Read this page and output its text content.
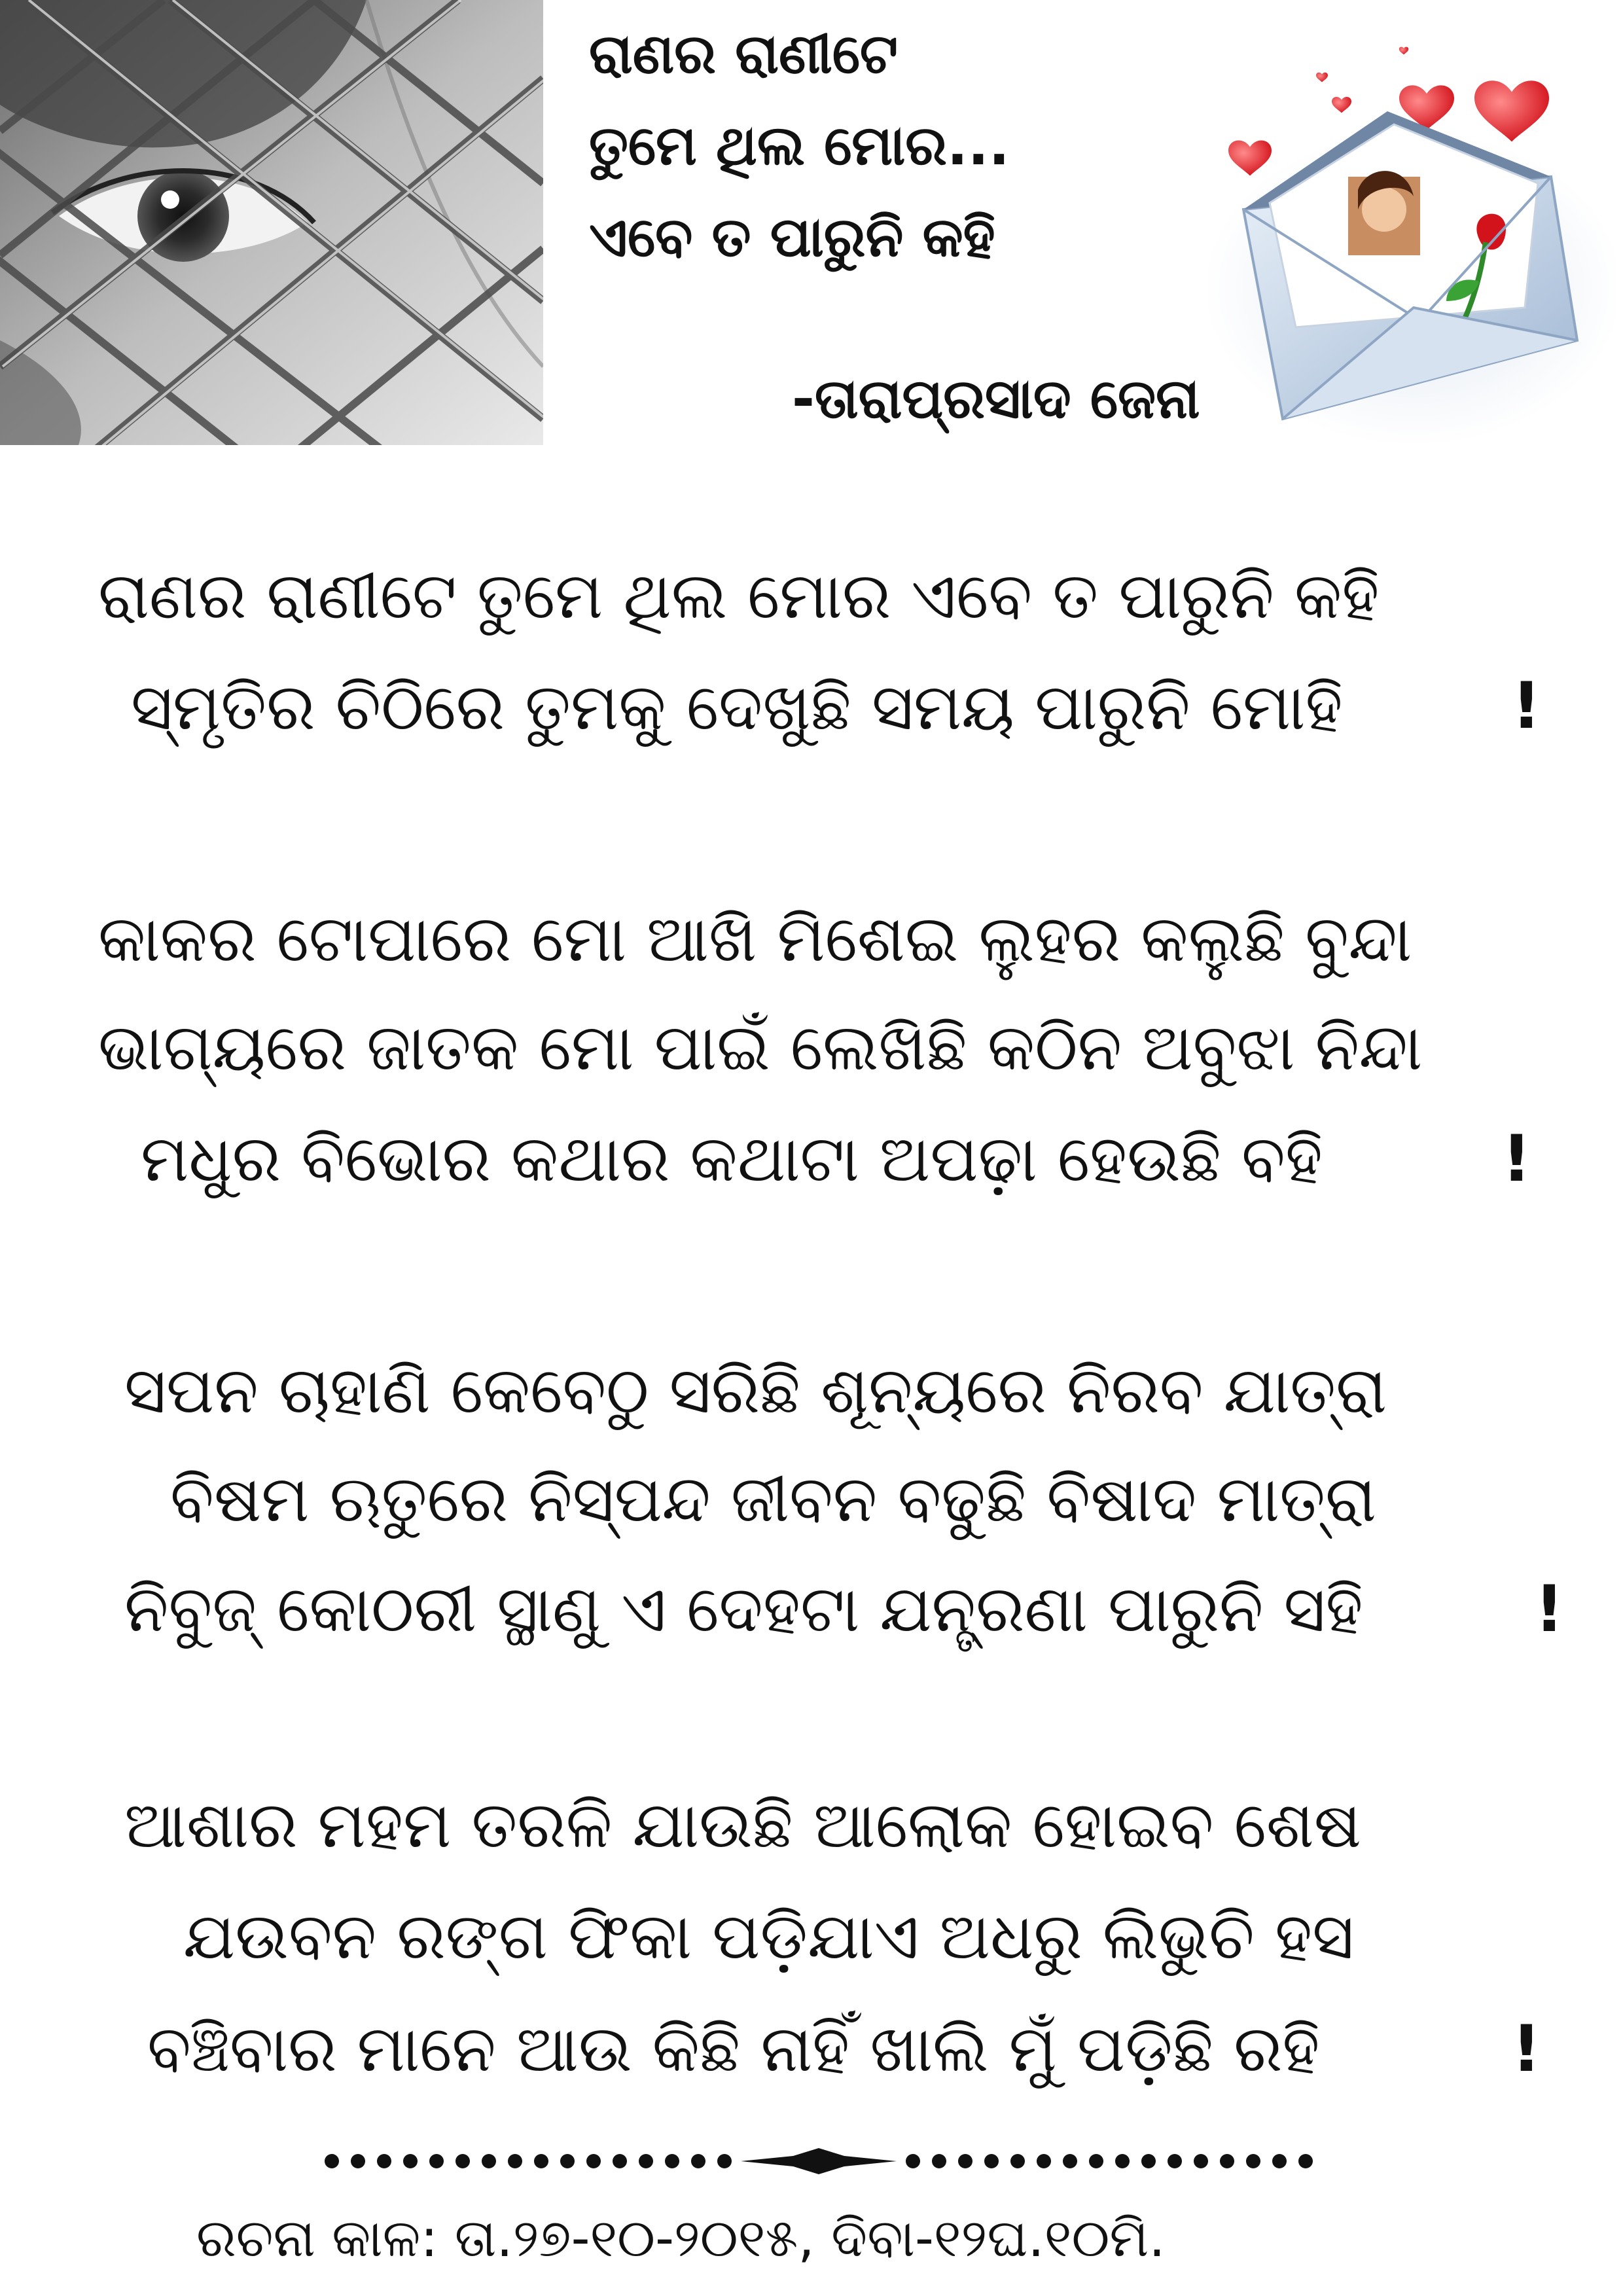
ରାଣର ରାଣୀଟେ
ତୁମେ ଥିଲ ମୋର...
ଏବେ ତ ପାରୁନି କହି
-ତାରାପ୍ରସାଦ ଜେନା
ରାଣର ରାଣୀଟେ ତୁମେ ଥିଲ ମୋର ଏବେ ତ ପାରୁନି କହି
ସ୍ମୃତିର ଚିଠିରେ ତୁମକୁ ଦେଖୁଛି ସମୟ ପାରୁନି ମୋହି	!
କାକର ଟୋପାରେ ମୋ ଆଖି ମିଶେଇ ଲୁହର କଲୁଛି ବୁନ୍ଦା
ଭାଗ୍ୟରେ ଜାତକ ମୋ ପାଇଁ ଲେଖିଛି କଠିନ ଅବୁଝା ନିନ୍ଦା
ମଧୁର ବିଭୋର କଥାର କଥାଟା ଅପଢ଼ା ହେଉଛି ବହି	!
ସପନ ଚାହାଣି କେବେଠୁ ସରିଛି ଶୂନ୍ୟରେ ନିରବ ଯାତ୍ରା
ବିଷମ ଋତୁରେ ନିସ୍ପନ୍ଦ ଜୀବନ ବଢୁଛି ବିଷାଦ ମାତ୍ରା
ନିବୁଜ୍ କୋଠରୀ ସ୍ଥାଣୁ ଏ ଦେହଟା ଯନ୍ତ୍ରଣା ପାରୁନି ସହି	!
ଆଶାର ମହମ ତରଳି ଯାଉଛି ଆଲୋକ ହୋଇବ ଶେଷ
ଯଉବନ ରଙ୍ଗ ଫିକା ପଡ଼ିଯାଏ ଅଧରୁ ଲିଭୁଚି ହସ
ବଞ୍ଚିବାର ମାନେ ଆଉ କିଛି ନାହିଁ ଖାଲି ମୁଁ ପଡ଼ିଛି ରହି	!
ରଚନା କାଳ: ତା.୨୭-୧୦-୨୦୧୫, ଦିବା-୧୨ଘ.୧୦ମି.
